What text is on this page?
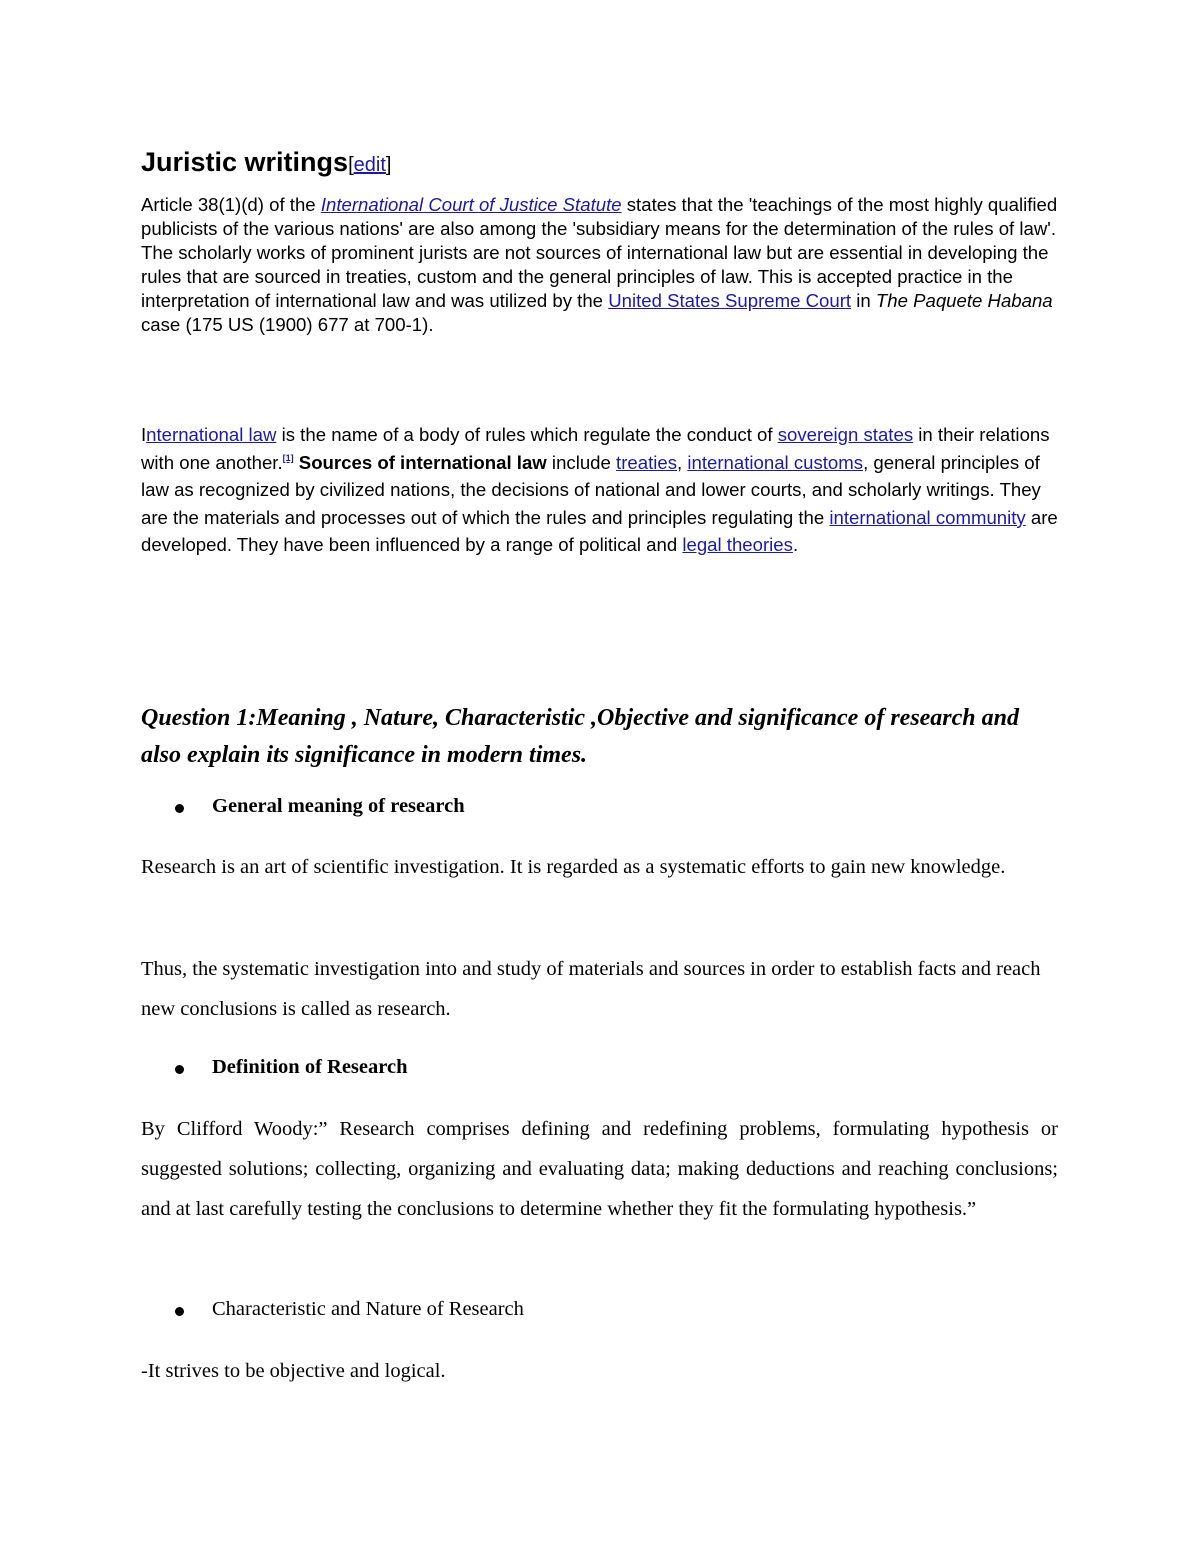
Juristic writings[edit]

Article 38(1)(d) of the International Court of Justice Statute states that the 'teachings of the most highly qualified publicists of the various nations' are also among the 'subsidiary means for the determination of the rules of law'. The scholarly works of prominent jurists are not sources of international law but are essential in developing the rules that are sourced in treaties, custom and the general principles of law. This is accepted practice in the interpretation of international law and was utilized by the United States Supreme Court in The Paquete Habana case (175 US (1900) 677 at 700-1).

International law is the name of a body of rules which regulate the conduct of sovereign states in their relations with one another.[1] Sources of international law include treaties, international customs, general principles of law as recognized by civilized nations, the decisions of national and lower courts, and scholarly writings. They are the materials and processes out of which the rules and principles regulating the international community are developed. They have been influenced by a range of political and legal theories.

Question 1:Meaning , Nature, Characteristic ,Objective and significance of research and also explain its significance in modern times.
General meaning of research

Research is an art of scientific investigation. It is regarded as a systematic efforts to gain new knowledge.

Thus, the systematic investigation into and study of materials and sources in order to establish facts and reach new conclusions is called as research.

Definition of Research

By Clifford Woody:” Research comprises defining and redefining problems, formulating hypothesis or suggested solutions; collecting, organizing and evaluating data; making deductions and reaching conclusions; and at last carefully testing the conclusions to determine whether they fit the formulating hypothesis.”

Characteristic and Nature of Research

-It strives to be objective and logical.
